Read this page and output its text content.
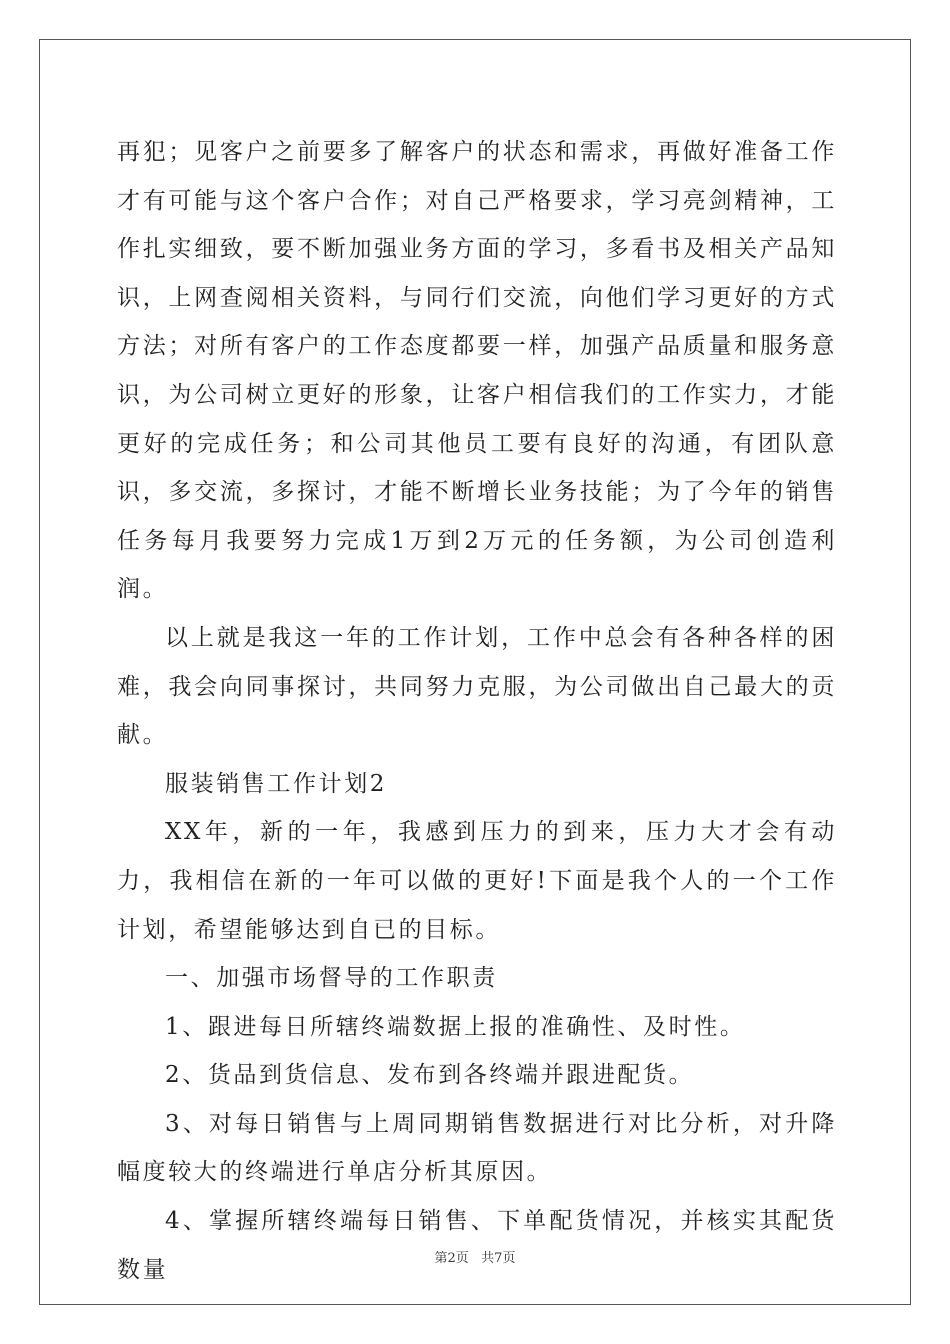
再犯；见客户之前要多了解客户的状态和需求，再做好准备工作才有可能与这个客户合作；对自己严格要求，学习亮剑精神，工作扎实细致，要不断加强业务方面的学习，多看书及相关产品知识，上网查阅相关资料，与同行们交流，向他们学习更好的方式方法；对所有客户的工作态度都要一样，加强产品质量和服务意识，为公司树立更好的形象，让客户相信我们的工作实力，才能更好的完成任务；和公司其他员工要有良好的沟通，有团队意识，多交流，多探讨，才能不断增长业务技能；为了今年的销售任务每月我要努力完成1万到2万元的任务额，为公司创造利润。

以上就是我这一年的工作计划，工作中总会有各种各样的困难，我会向同事探讨，共同努力克服，为公司做出自己最大的贡献。

服装销售工作计划2

XX年，新的一年，我感到压力的到来，压力大才会有动力，我相信在新的一年可以做的更好!下面是我个人的一个工作计划，希望能够达到自已的目标。

一、加强市场督导的工作职责

1、跟进每日所辖终端数据上报的准确性、及时性。

2、货品到货信息、发布到各终端并跟进配货。

3、对每日销售与上周同期销售数据进行对比分析，对升降幅度较大的终端进行单店分析其原因。

4、掌握所辖终端每日销售、下单配货情况，并核实其配货数量	第2页   共7页
